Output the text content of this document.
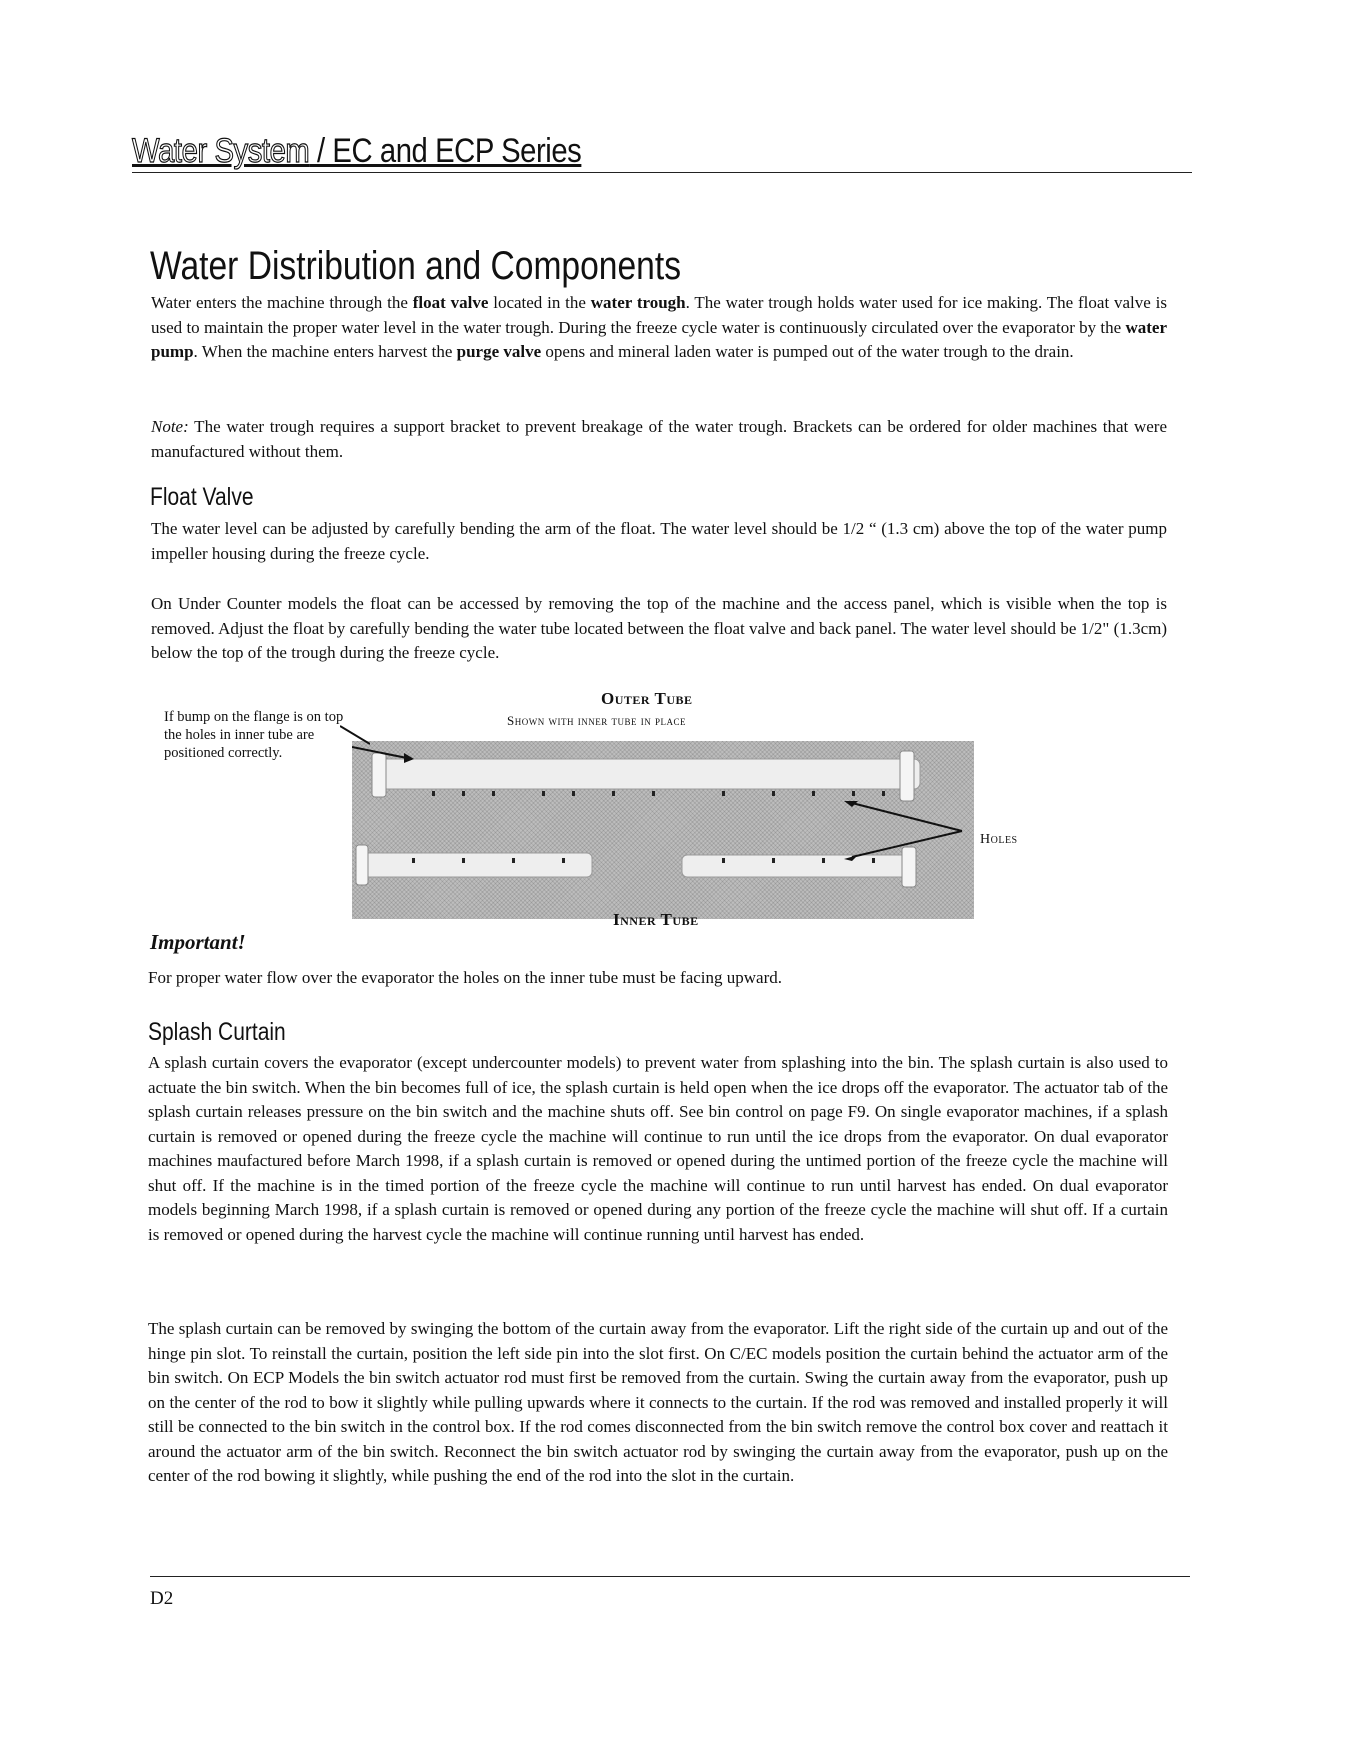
Water System / EC and ECP Series
Water Distribution and Components
Water enters the machine through the float valve located in the water trough. The water trough holds water used for ice making. The float valve is used to maintain the proper water level in the water trough. During the freeze cycle water is continuously circulated over the evaporator by the water pump. When the machine enters harvest the purge valve opens and mineral laden water is pumped out of the water trough to the drain.
Note: The water trough requires a support bracket to prevent breakage of the water trough. Brackets can be ordered for older machines that were manufactured without them.
Float Valve
The water level can be adjusted by carefully bending the arm of the float. The water level should be 1/2 “ (1.3 cm) above the top of the water pump impeller housing during the freeze cycle.
On Under Counter models the float can be accessed by removing the top of the machine and the access panel, which is visible when the top is removed. Adjust the float by carefully bending the water tube located between the float valve and back panel. The water level should be 1/2" (1.3cm) below the top of the trough during the freeze cycle.
Outer Tube
Shown with inner tube in place
If bump on the flange is on top the holes in inner tube are positioned correctly.
Holes
Inner Tube
Important!
For proper water flow over the evaporator the holes on the inner tube must be facing upward.
Splash Curtain
A splash curtain covers the evaporator (except undercounter models) to prevent water from splashing into the bin. The splash curtain is also used to actuate the bin switch. When the bin becomes full of ice, the splash curtain is held open when the ice drops off the evaporator. The actuator tab of the splash curtain releases pressure on the bin switch and the machine shuts off. See bin control on page F9. On single evaporator machines, if a splash curtain is removed or opened during the freeze cycle the machine will continue to run until the ice drops from the evaporator. On dual evaporator machines maufactured before March 1998, if a splash curtain is removed or opened during the untimed portion of the freeze cycle the machine will shut off. If the machine is in the timed portion of the freeze cycle the machine will continue to run until harvest has ended. On dual evaporator models beginning March 1998, if a splash curtain is removed or opened during any portion of the freeze cycle the machine will shut off. If a curtain is removed or opened during the harvest cycle the machine will continue running until harvest has ended.
The splash curtain can be removed by swinging the bottom of the curtain away from the evaporator. Lift the right side of the curtain up and out of the hinge pin slot. To reinstall the curtain, position the left side pin into the slot first. On C/EC models position the curtain behind the actuator arm of the bin switch. On ECP Models the bin switch actuator rod must first be removed from the curtain. Swing the curtain away from the evaporator, push up on the center of the rod to bow it slightly while pulling upwards where it connects to the curtain. If the rod was removed and installed properly it will still be connected to the bin switch in the control box. If the rod comes disconnected from the bin switch remove the control box cover and reattach it around the actuator arm of the bin switch. Reconnect the bin switch actuator rod by swinging the curtain away from the evaporator, push up on the center of the rod bowing it slightly, while pushing the end of the rod into the slot in the curtain.
D2
